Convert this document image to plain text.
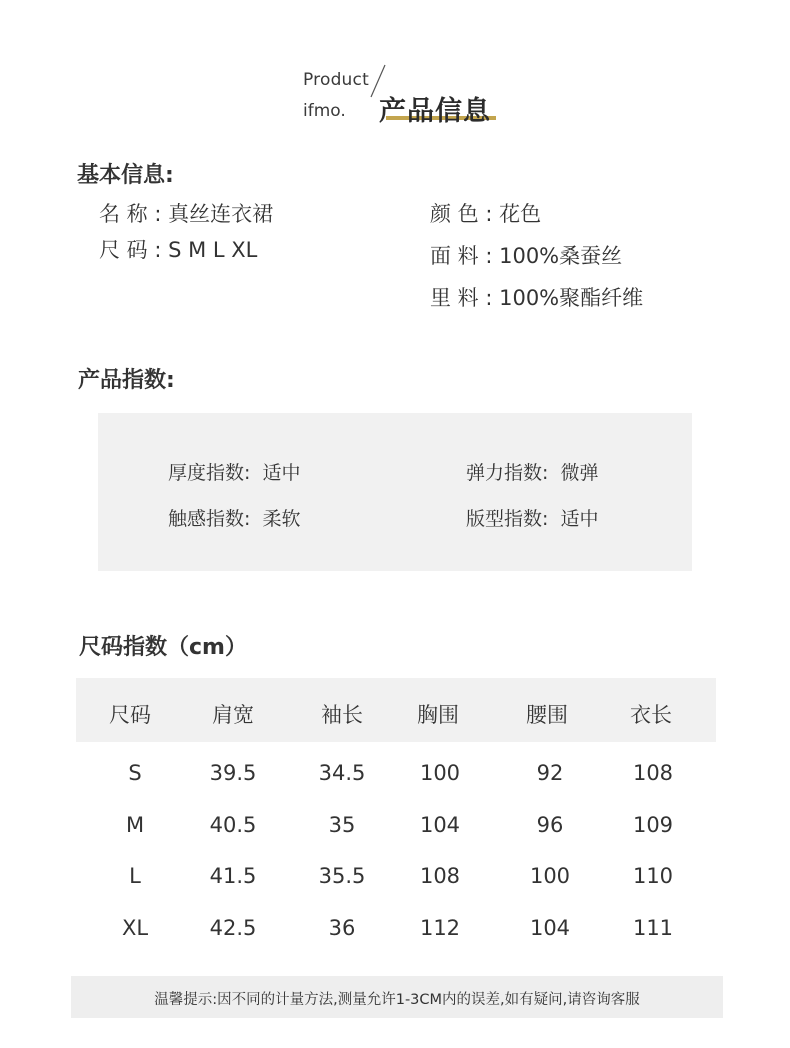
Product
ifmo. 产品信息
基本信息:
名 称 : 真丝连衣裙
尺 码 : S M L XL
颜 色 : 花色
面 料 : 100%桑蚕丝
里 料 : 100%聚酯纤维
产品指数:
厚度指数:  适中	弹力指数:  微弹
触感指数:  柔软	版型指数:  适中
尺码指数（cm）
尺码	肩宽	袖长	胸围	腰围	衣长
S	39.5	34.5	100	92	108
M	40.5	35	104	96	109
L	41.5	35.5	108	100	110
XL	42.5	36	112	104	111
温馨提示:因不同的计量方法,测量允许1-3CM内的误差,如有疑问,请咨询客服
